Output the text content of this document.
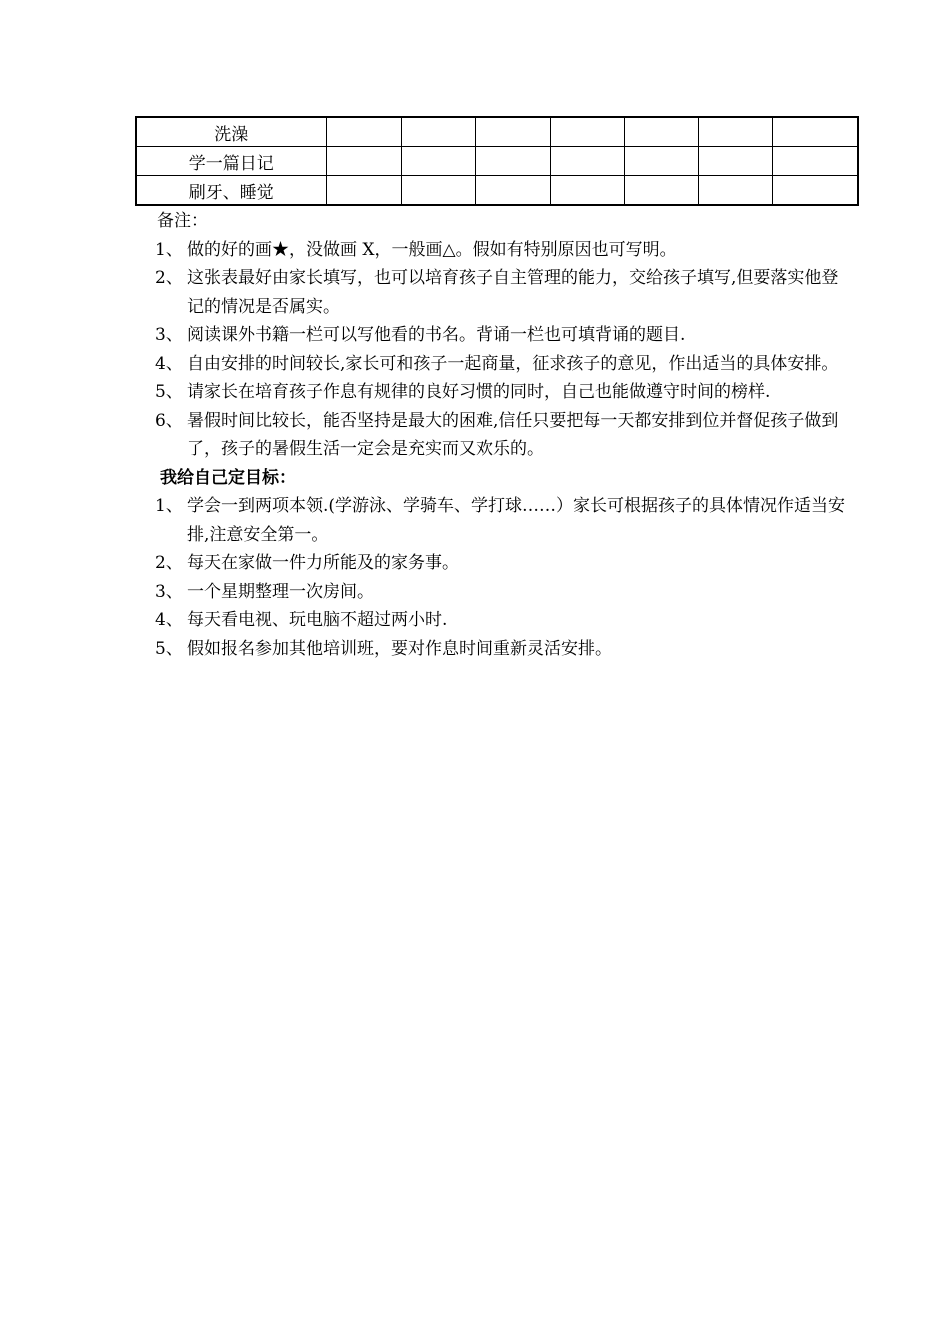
洗澡							
学一篇日记							
刷牙、睡觉							
备注：
1、 做的好的画★，没做画 X，一般画△。假如有特别原因也可写明。
2、 这张表最好由家长填写，也可以培育孩子自主管理的能力，交给孩子填写,但要落实他登记的情况是否属实。
3、 阅读课外书籍一栏可以写他看的书名。背诵一栏也可填背诵的题目.
4、 自由安排的时间较长,家长可和孩子一起商量，征求孩子的意见，作出适当的具体安排。
5、 请家长在培育孩子作息有规律的良好习惯的同时，自己也能做遵守时间的榜样.
6、 暑假时间比较长，能否坚持是最大的困难,信任只要把每一天都安排到位并督促孩子做到了，孩子的暑假生活一定会是充实而又欢乐的。
我给自己定目标：
1、 学会一到两项本领.(学游泳、学骑车、学打球……）家长可根据孩子的具体情况作适当安排,注意安全第一。
2、 每天在家做一件力所能及的家务事。
3、 一个星期整理一次房间。
4、 每天看电视、玩电脑不超过两小时.
5、 假如报名参加其他培训班，要对作息时间重新灵活安排。
